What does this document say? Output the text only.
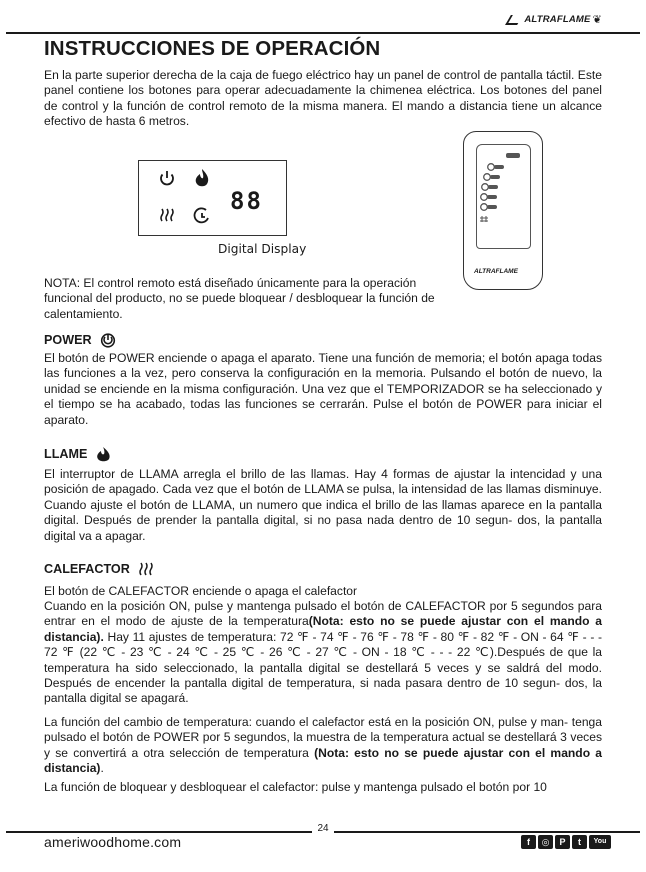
ALTRAFLAME ❦
INSTRUCCIONES DE OPERACIÓN

En la parte superior derecha de la caja de fuego eléctrico hay un panel de control de pantalla táctil. Este panel contiene los botones para operar adecuadamente la chimenea eléctrica. Los botones del panel de control y la función de control remoto de la misma manera. El mando a distancia tiene un alcance efectivo de hasta 6 metros.

88
Digital Display
ALTRAFLAME

NOTA: El control remoto está diseñado únicamente para la operación funcional del producto, no se puede bloquear / desbloquear la función de calentamiento.

POWER

El botón de POWER enciende o apaga el aparato. Tiene una función de memoria; el botón apaga todas las funciones a la vez, pero conserva la configuración en la memoria. Pulsando el botón de nuevo, la unidad se enciende en la misma configuración. Una vez que el TEMPORIZADOR se ha seleccionado y el tiempo se ha acabado, todas las funciones se cerrarán. Pulse el botón de POWER para iniciar el aparato.

LLAME

El interruptor de LLAMA arregla el brillo de las llamas. Hay 4 formas de ajustar la intencidad y una posición de apagado. Cada vez que el botón de LLAMA se pulsa, la intensidad de las llamas disminuye. Cuando ajuste el botón de LLAMA, un numero que indica el brillo de las llamas aparece en la pantalla digital. Después de prender la pantalla digital, si no pasa nada dentro de 10 segun- dos, la pantalla digital va a apagar.

CALEFACTOR

El botón de CALEFACTOR enciende o apaga el calefactor

Cuando en la posición ON, pulse y mantenga pulsado el botón de CALEFACTOR por 5 segundos para entrar en el modo de ajuste de la temperatura(Nota: esto no se puede ajustar con el mando a distancia). Hay 11 ajustes de temperatura: 72 ℉ - 74 ℉ - 76 ℉ - 78 ℉ - 80 ℉ - 82 ℉ - ON - 64 ℉ - - - 72 ℉ (22 ℃ - 23 ℃ - 24 ℃ - 25 ℃ - 26 ℃ - 27 ℃ - ON - 18 ℃ - - - 22 ℃).Después de que la temperatura ha sido seleccionado, la pantalla digital se destellará 5 veces y se saldrá del modo. Después de encender la pantalla digital de temperatura, si nada pasara dentro de 10 segun- dos, la pantalla digital se apagará.

La función del cambio de temperatura: cuando el calefactor está en la posición ON, pulse y man- tenga pulsado el botón de POWER por 5 segundos, la muestra de la temperatura actual se destellará 3 veces y se convertirá a otra selección de temperatura (Nota: esto no se puede ajustar con el mando a distancia).

La función de bloquear y desbloquear el calefactor: pulse y mantenga pulsado el botón por 10

24
ameriwoodhome.com	f	◎	P	t	You
